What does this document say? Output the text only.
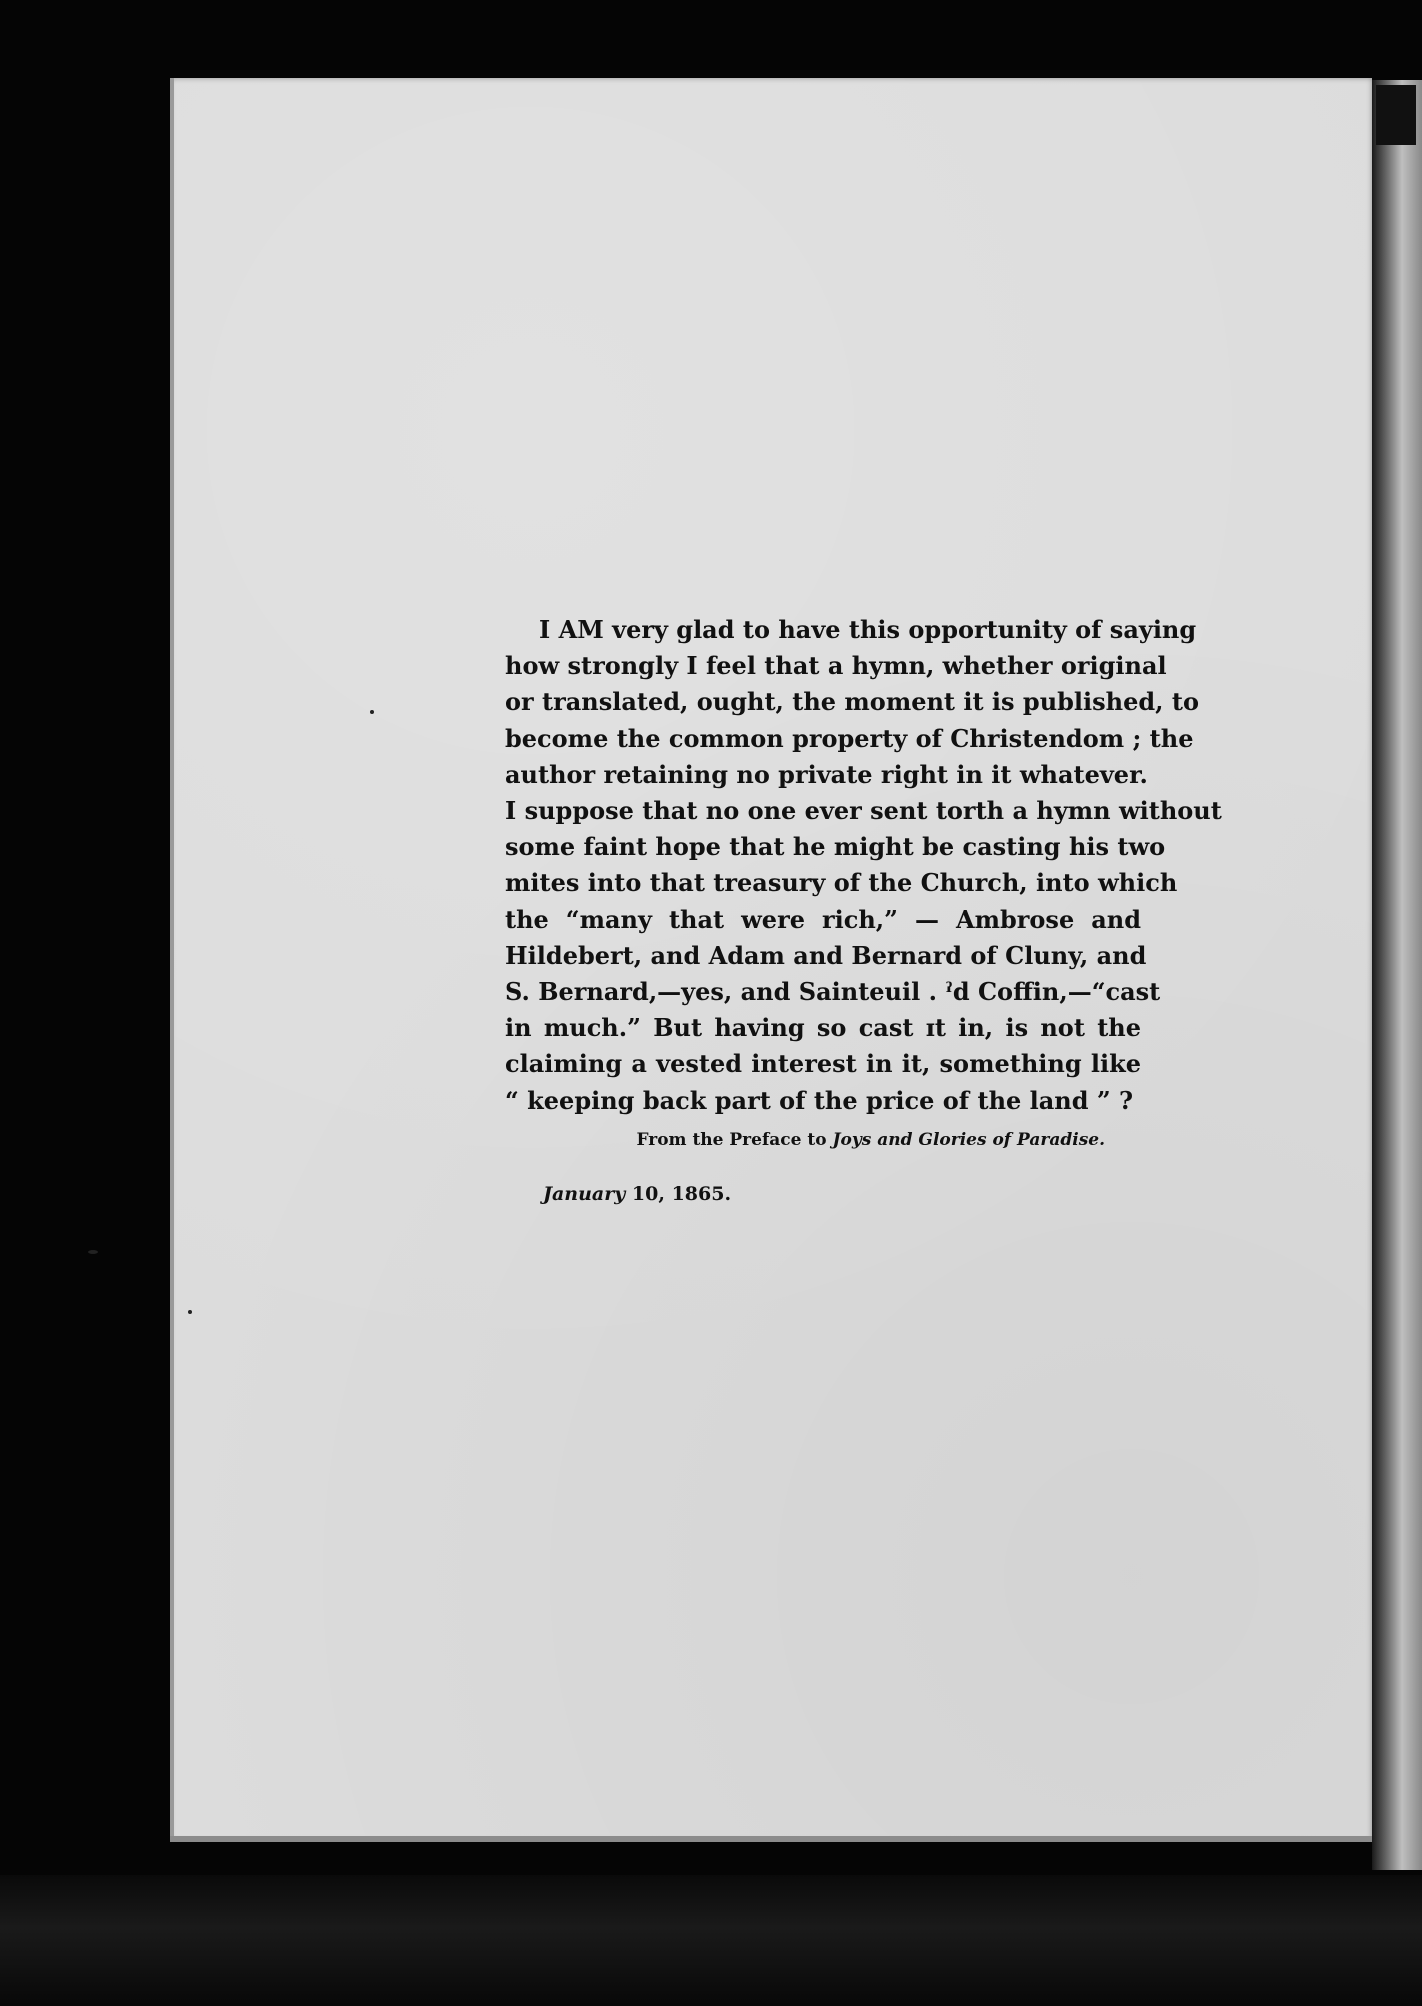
I AM very glad to have this opportunity of saying
how strongly I feel that a hymn, whether original
or translated, ought, the moment it is published, to
become the common property of Christendom ; the
author retaining no private right in it whatever.
I suppose that no one ever sent torth a hymn without
some faint hope that he might be casting his two
mites into that treasury of the Church, into which
the “many that were rich,” — Ambrose and
Hildebert, and Adam and Bernard of Cluny, and
S. Bernard,—yes, and Sainteuil . ˀd Coffin,—“cast
in much.” But having so cast ɪt in, is not the
claiming a vested interest in it, something like
“ keeping back part of the price of the land ” ?
From the Preface to Joys and Glories of Paradise.
January 10, 1865.
